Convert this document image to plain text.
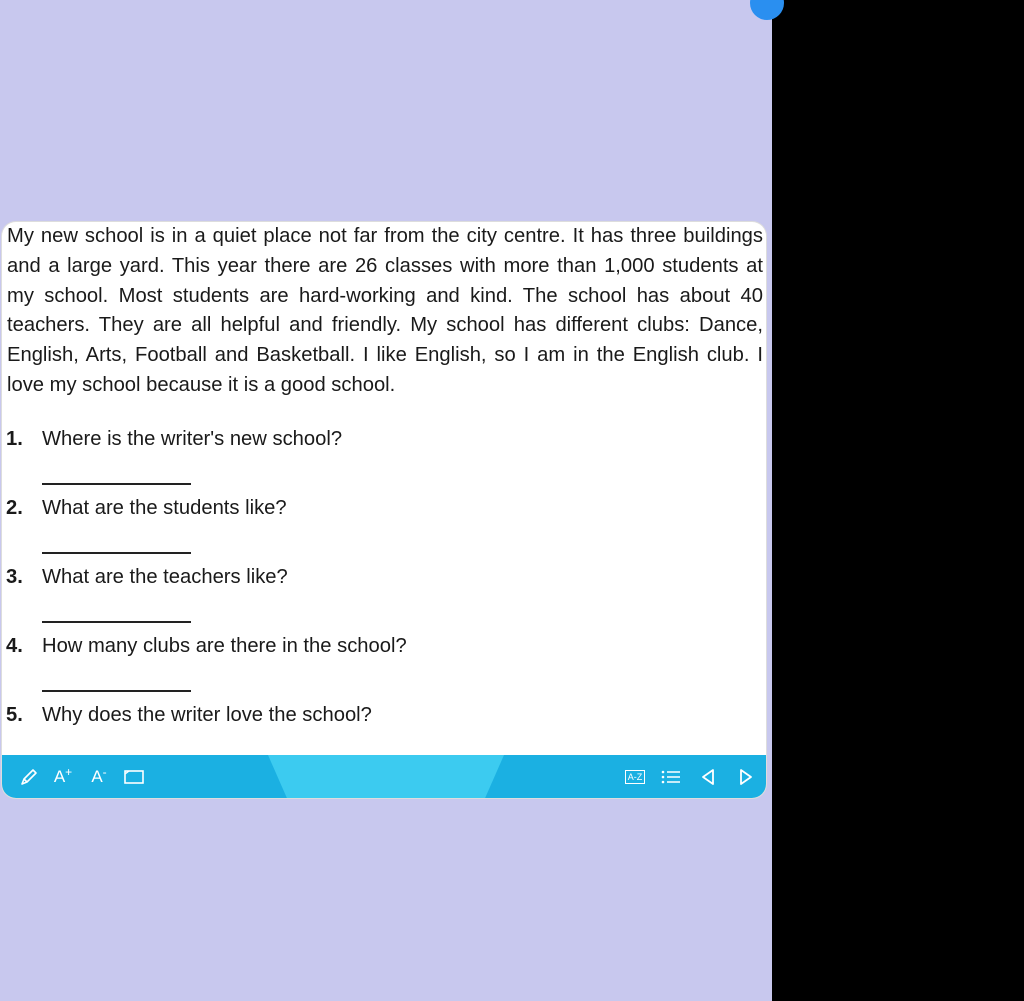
My new school is in a quiet place not far from the city centre. It has three buildings and a large yard. This year there are 26 classes with more than 1,000 students at my school. Most students are hard-working and kind. The school has about 40 teachers. They are all helpful and friendly. My school has different clubs: Dance, English, Arts, Football and Basketball. I like English, so I am in the English club. I love my school because it is a good school.

1. Where is the writer's new school?
2. What are the students like?
3. What are the teachers like?
4. How many clubs are there in the school?
5. Why does the writer love the school?
A+ A-	A-Z
